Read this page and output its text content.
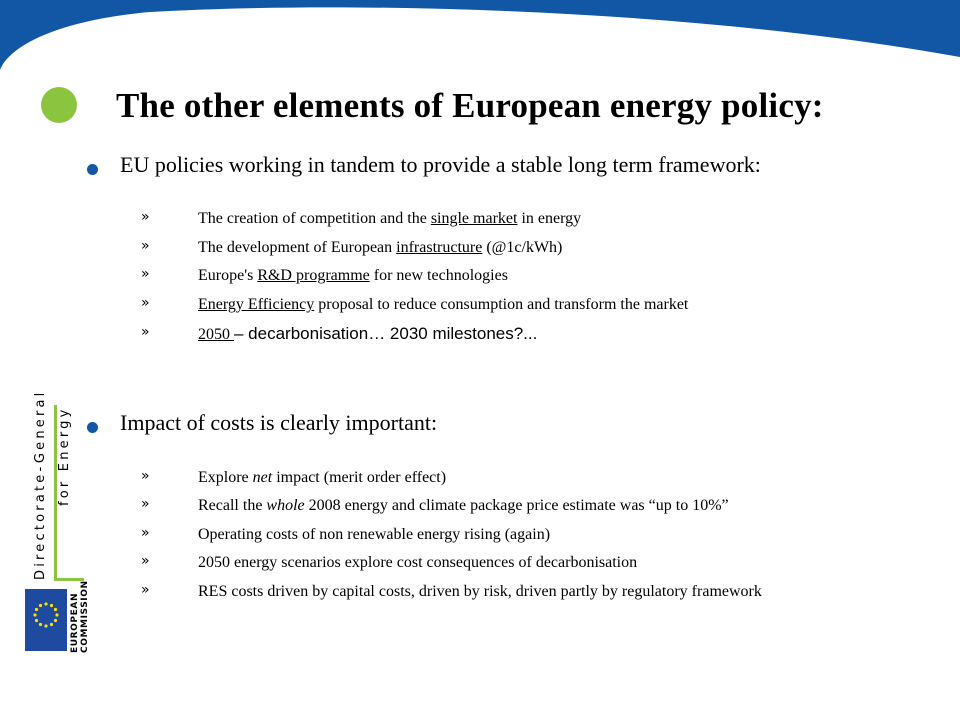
The other elements of European energy policy:
EU policies working in tandem to provide a stable long term framework:
»	The creation of competition and the single market in energy
»	The development of European infrastructure (@1c/kWh)
»	Europe's R&D programme for new technologies
»	Energy Efficiency proposal to reduce consumption and transform the market
»	2050 – decarbonisation… 2030 milestones?...
Impact of costs is clearly important:
»	Explore net impact (merit order effect)
»	Recall the whole 2008 energy and climate package price estimate was “up to 10%”
»	Operating costs of non renewable energy rising (again)
»	2050 energy scenarios explore cost consequences of decarbonisation
»	RES costs driven by capital costs, driven by risk, driven partly by regulatory framework
Directorate-General for Energy
EUROPEAN COMMISSION
